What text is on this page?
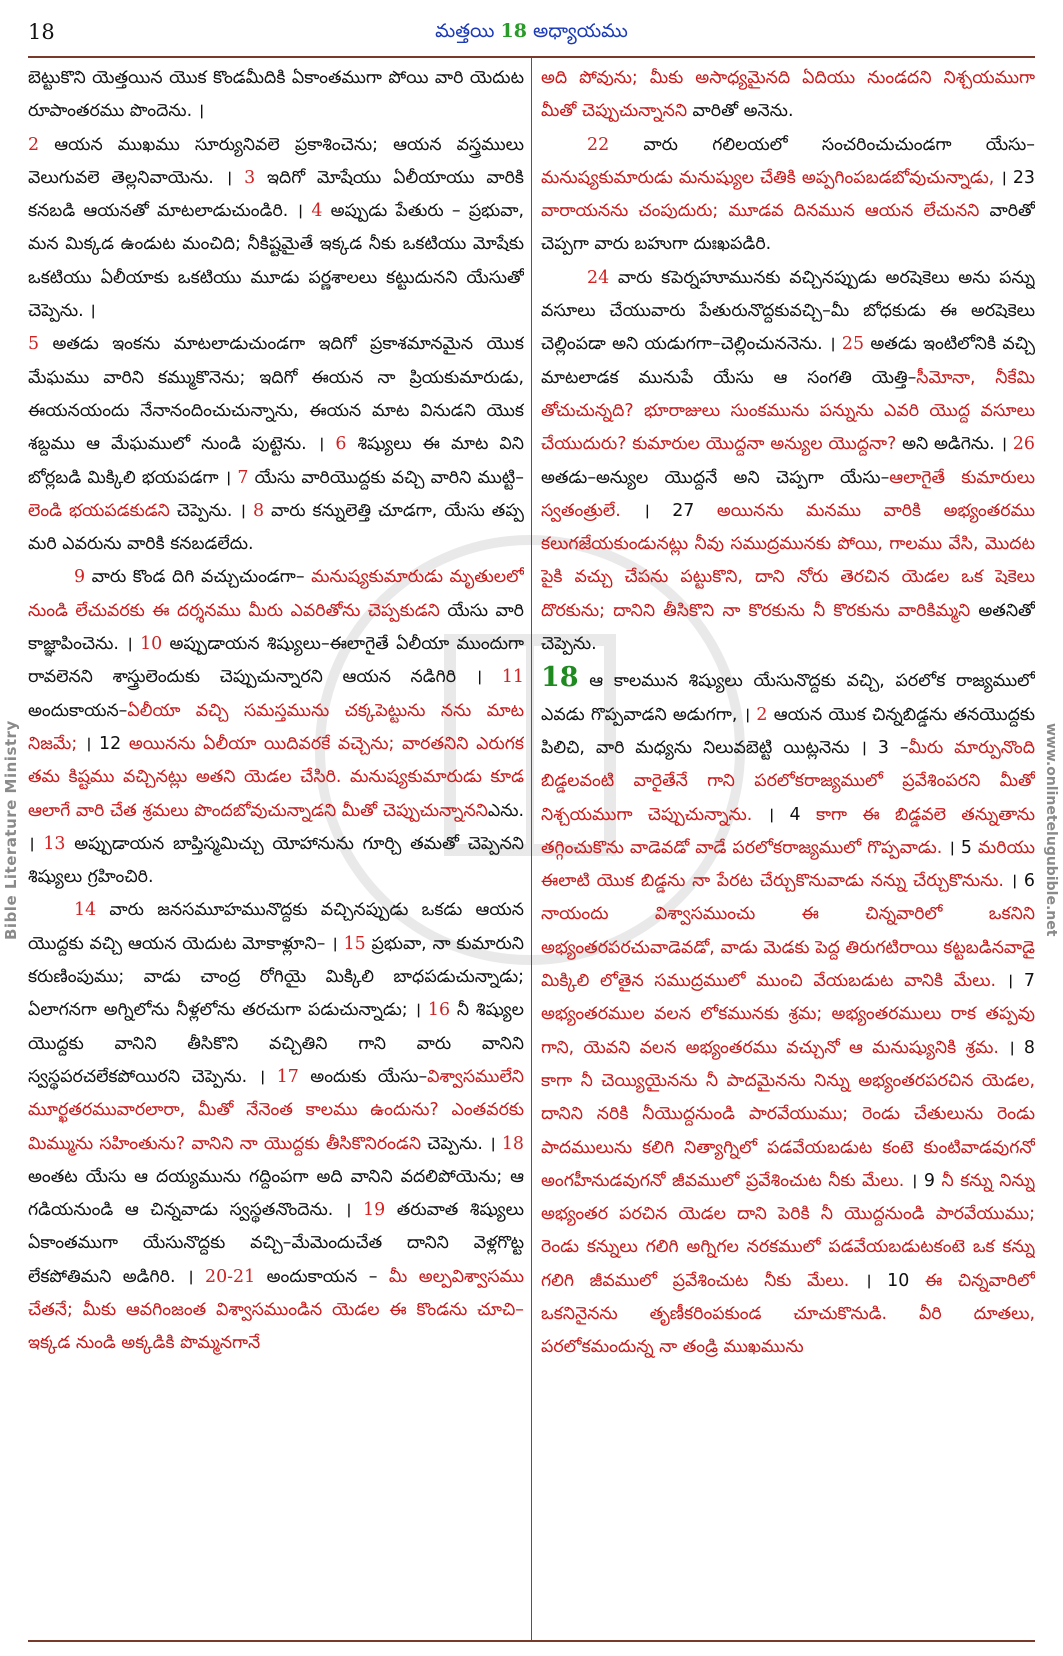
18	మత్తయి 18 అధ్యాయము
Bible Literature Ministry	www.onlinetelugubible.net

బెట్టుకొని యెత్తయిన యొక కొండమీదికి ఏకాంతముగా పోయి వారి యెదుట రూపాంతరము పొందెను. ।

2 ఆయన ముఖము సూర్యునివలె ప్రకాశించెను; ఆయన వస్త్రములు వెలుగువలె తెల్లనివాయెను. । 3 ఇదిగో మోషేయు ఏలీయాయు వారికి కనబడి ఆయనతో మాటలాడుచుండిరి. । 4 అప్పుడు పేతురు – ప్రభువా, మన మిక్కడ ఉండుట మంచిది; నీకిష్టమైతే ఇక్కడ నీకు ఒకటియు మోషేకు ఒకటియు ఏలీయాకు ఒకటియు మూడు పర్ణశాలలు కట్టుదునని యేసుతో చెప్పెను. ।

5 అతడు ఇంకను మాటలాడుచుండగా ఇదిగో ప్రకాశమానమైన యొక మేఘము వారిని కమ్ముకొనెను; ఇదిగో ఈయన నా ప్రియకుమారుడు, ఈయనయందు నేనానందించుచున్నాను, ఈయన మాట వినుడని యొక శబ్దము ఆ మేఘములో నుండి పుట్టెను. । 6 శిష్యులు ఈ మాట విని బోర్లబడి మిక్కిలి భయపడగా । 7 యేసు వారియొద్దకు వచ్చి వారిని ముట్టి–లెండి భయపడకుడని చెప్పెను. । 8 వారు కన్నులెత్తి చూడగా, యేసు తప్ప మరి ఎవరును వారికి కనబడలేదు.

9 వారు కొండ దిగి వచ్చుచుండగా– మనుష్యకుమారుడు మృతులలో నుండి లేచువరకు ఈ దర్శనము మీరు ఎవరితోను చెప్పకుడని యేసు వారి కాజ్ఞాపించెను. । 10 అప్పుడాయన శిష్యులు–ఈలాగైతే ఏలీయా ముందుగా రావలెనని శాస్త్రులెందుకు చెప్పుచున్నారని ఆయన నడిగిరి । 11 అందుకాయన–ఏలీయా వచ్చి సమస్తమును చక్కపెట్టును నను మాట నిజమే; । 12 అయినను ఏలీయా యిదివరకే వచ్చెను; వారతనిని ఎరుగక తమ కిష్టము వచ్చినట్లు అతని యెడల చేసిరి. మనుష్యకుమారుడు కూడ ఆలాగే వారి చేత శ్రమలు పొందబోవుచున్నాడని మీతో చెప్పుచున్నాననిఎను. । 13 అప్పుడాయన బాప్తిస్మమిచ్చు యోహానును గూర్చి తమతో చెప్పెనని శిష్యులు గ్రహించిరి.

14 వారు జనసమూహమునొద్దకు వచ్చినప్పుడు ఒకడు ఆయన యొద్దకు వచ్చి ఆయన యెదుట మోకాళ్లూని– । 15 ప్రభువా, నా కుమారుని కరుణింపుము; వాడు చాంద్ర రోగియై మిక్కిలి బాధపడుచున్నాడు; ఏలాగనగా అగ్నిలోను నీళ్లలోను తరచుగా పడుచున్నాడు; । 16 నీ శిష్యుల యొద్దకు వానిని తీసికొని వచ్చితిని గాని వారు వానిని స్వస్థపరచలేకపోయిరని చెప్పెను. । 17 అందుకు యేసు–విశ్వాసములేని మూర్ఖతరమువారలారా, మీతో నేనెంత కాలము ఉందును? ఎంతవరకు మిమ్మును సహింతును? వానిని నా యొద్దకు తీసికొనిరండని చెప్పెను. । 18 అంతట యేసు ఆ దయ్యమును గద్దింపగా అది వానిని వదలిపోయెను; ఆ గడియనుండి ఆ చిన్నవాడు స్వస్థతనొందెను. । 19 తరువాత శిష్యులు ఏకాంతముగా యేసునొద్దకు వచ్చి–మేమెందుచేత దానిని వెళ్లగొట్ట లేకపోతిమని అడిగిరి. । 20-21 అందుకాయన – మీ అల్పవిశ్వాసము చేతనే; మీకు ఆవగింజంత విశ్వాసముండిన యెడల ఈ కొండను చూచి–ఇక్కడ నుండి అక్కడికి పొమ్మనగానే

అది పోవును; మీకు అసాధ్యమైనది ఏదియు నుండదని నిశ్చయముగా మీతో చెప్పుచున్నానని వారితో అనెను.

22 వారు గలిలయలో సంచరించుచుండగా యేసు– మనుష్యకుమారుడు మనుష్యుల చేతికి అప్పగింపబడబోవుచున్నాడు, । 23 వారాయనను చంపుదురు; మూడవ దినమున ఆయన లేచునని వారితో చెప్పగా వారు బహుగా దుఃఖపడిరి.

24 వారు కపెర్నహూమునకు వచ్చినప్పుడు అరషెకెలు అను పన్ను వసూలు చేయువారు పేతురునొద్దకువచ్చి–మీ బోధకుడు ఈ అరషెకెలు చెల్లింపడా అని యడుగగా–చెల్లించుననెను. । 25 అతడు ఇంటిలోనికి వచ్చి మాటలాడక మునుపే యేసు ఆ సంగతి యెత్తి–సీమోనా, నీకేమి తోచుచున్నది? భూరాజులు సుంకమును పన్నును ఎవరి యొద్ద వసూలు చేయుదురు? కుమారుల యొద్దనా అన్యుల యొద్దనా? అని అడిగెను. । 26 అతడు–అన్యుల యొద్దనే అని చెప్పగా యేసు–ఆలాగైతే కుమారులు స్వతంత్రులే. । 27 అయినను మనము వారికి అభ్యంతరము కలుగజేయకుండునట్లు నీవు సముద్రమునకు పోయి, గాలము వేసి, మొదట పైకి వచ్చు చేపను పట్టుకొని, దాని నోరు తెరచిన యెడల ఒక షెకెలు దొరకును; దానిని తీసికొని నా కొరకును నీ కొరకును వారికిమ్మని అతనితో చెప్పెను.

18 ఆ కాలమున శిష్యులు యేసునొద్దకు వచ్చి, పరలోక రాజ్యములో ఎవడు గొప్పవాడని అడుగగా, । 2 ఆయన యొక చిన్నబిడ్డను తనయొద్దకు పిలిచి, వారి మధ్యను నిలువబెట్టి యిట్లనెను । 3 –మీరు మార్పునొంది బిడ్డలవంటి వారైతేనే గాని పరలోకరాజ్యములో ప్రవేశింపరని మీతో నిశ్చయముగా చెప్పుచున్నాను. । 4 కాగా ఈ బిడ్డవలె తన్నుతాను తగ్గించుకొను వాడెవడో వాడే పరలోకరాజ్యములో గొప్పవాడు. । 5 మరియు ఈలాటి యొక బిడ్డను నా పేరట చేర్చుకొనువాడు నన్ను చేర్చుకొనును. । 6 నాయందు విశ్వాసముంచు ఈ చిన్నవారిలో ఒకనిని అభ్యంతరపరచువాడెవడో, వాడు మెడకు పెద్ద తిరుగటిరాయి కట్టబడినవాడై మిక్కిలి లోతైన సముద్రములో ముంచి వేయబడుట వానికి మేలు. । 7 అభ్యంతరముల వలన లోకమునకు శ్రమ; అభ్యంతరములు రాక తప్పవు గాని, యెవని వలన అభ్యంతరము వచ్చునో ఆ మనుష్యునికి శ్రమ. । 8 కాగా నీ చెయ్యియైనను నీ పాదమైనను నిన్ను అభ్యంతరపరచిన యెడల, దానిని నరికి నీయొద్దనుండి పారవేయుము; రెండు చేతులును రెండు పాదములును కలిగి నిత్యాగ్నిలో పడవేయబడుట కంటె కుంటివాడవుగనో అంగహీనుడవుగనో జీవములో ప్రవేశించుట నీకు మేలు. । 9 నీ కన్ను నిన్ను అభ్యంతర పరచిన యెడల దాని పెరికి నీ యొద్దనుండి పారవేయుము; రెండు కన్నులు గలిగి అగ్నిగల నరకములో పడవేయబడుటకంటె ఒక కన్ను గలిగి జీవములో ప్రవేశించుట నీకు మేలు. । 10 ఈ చిన్నవారిలో ఒకనినైనను తృణీకరింపకుండ చూచుకొనుడి. వీరి దూతలు, పరలోకమందున్న నా తండ్రి ముఖమును
